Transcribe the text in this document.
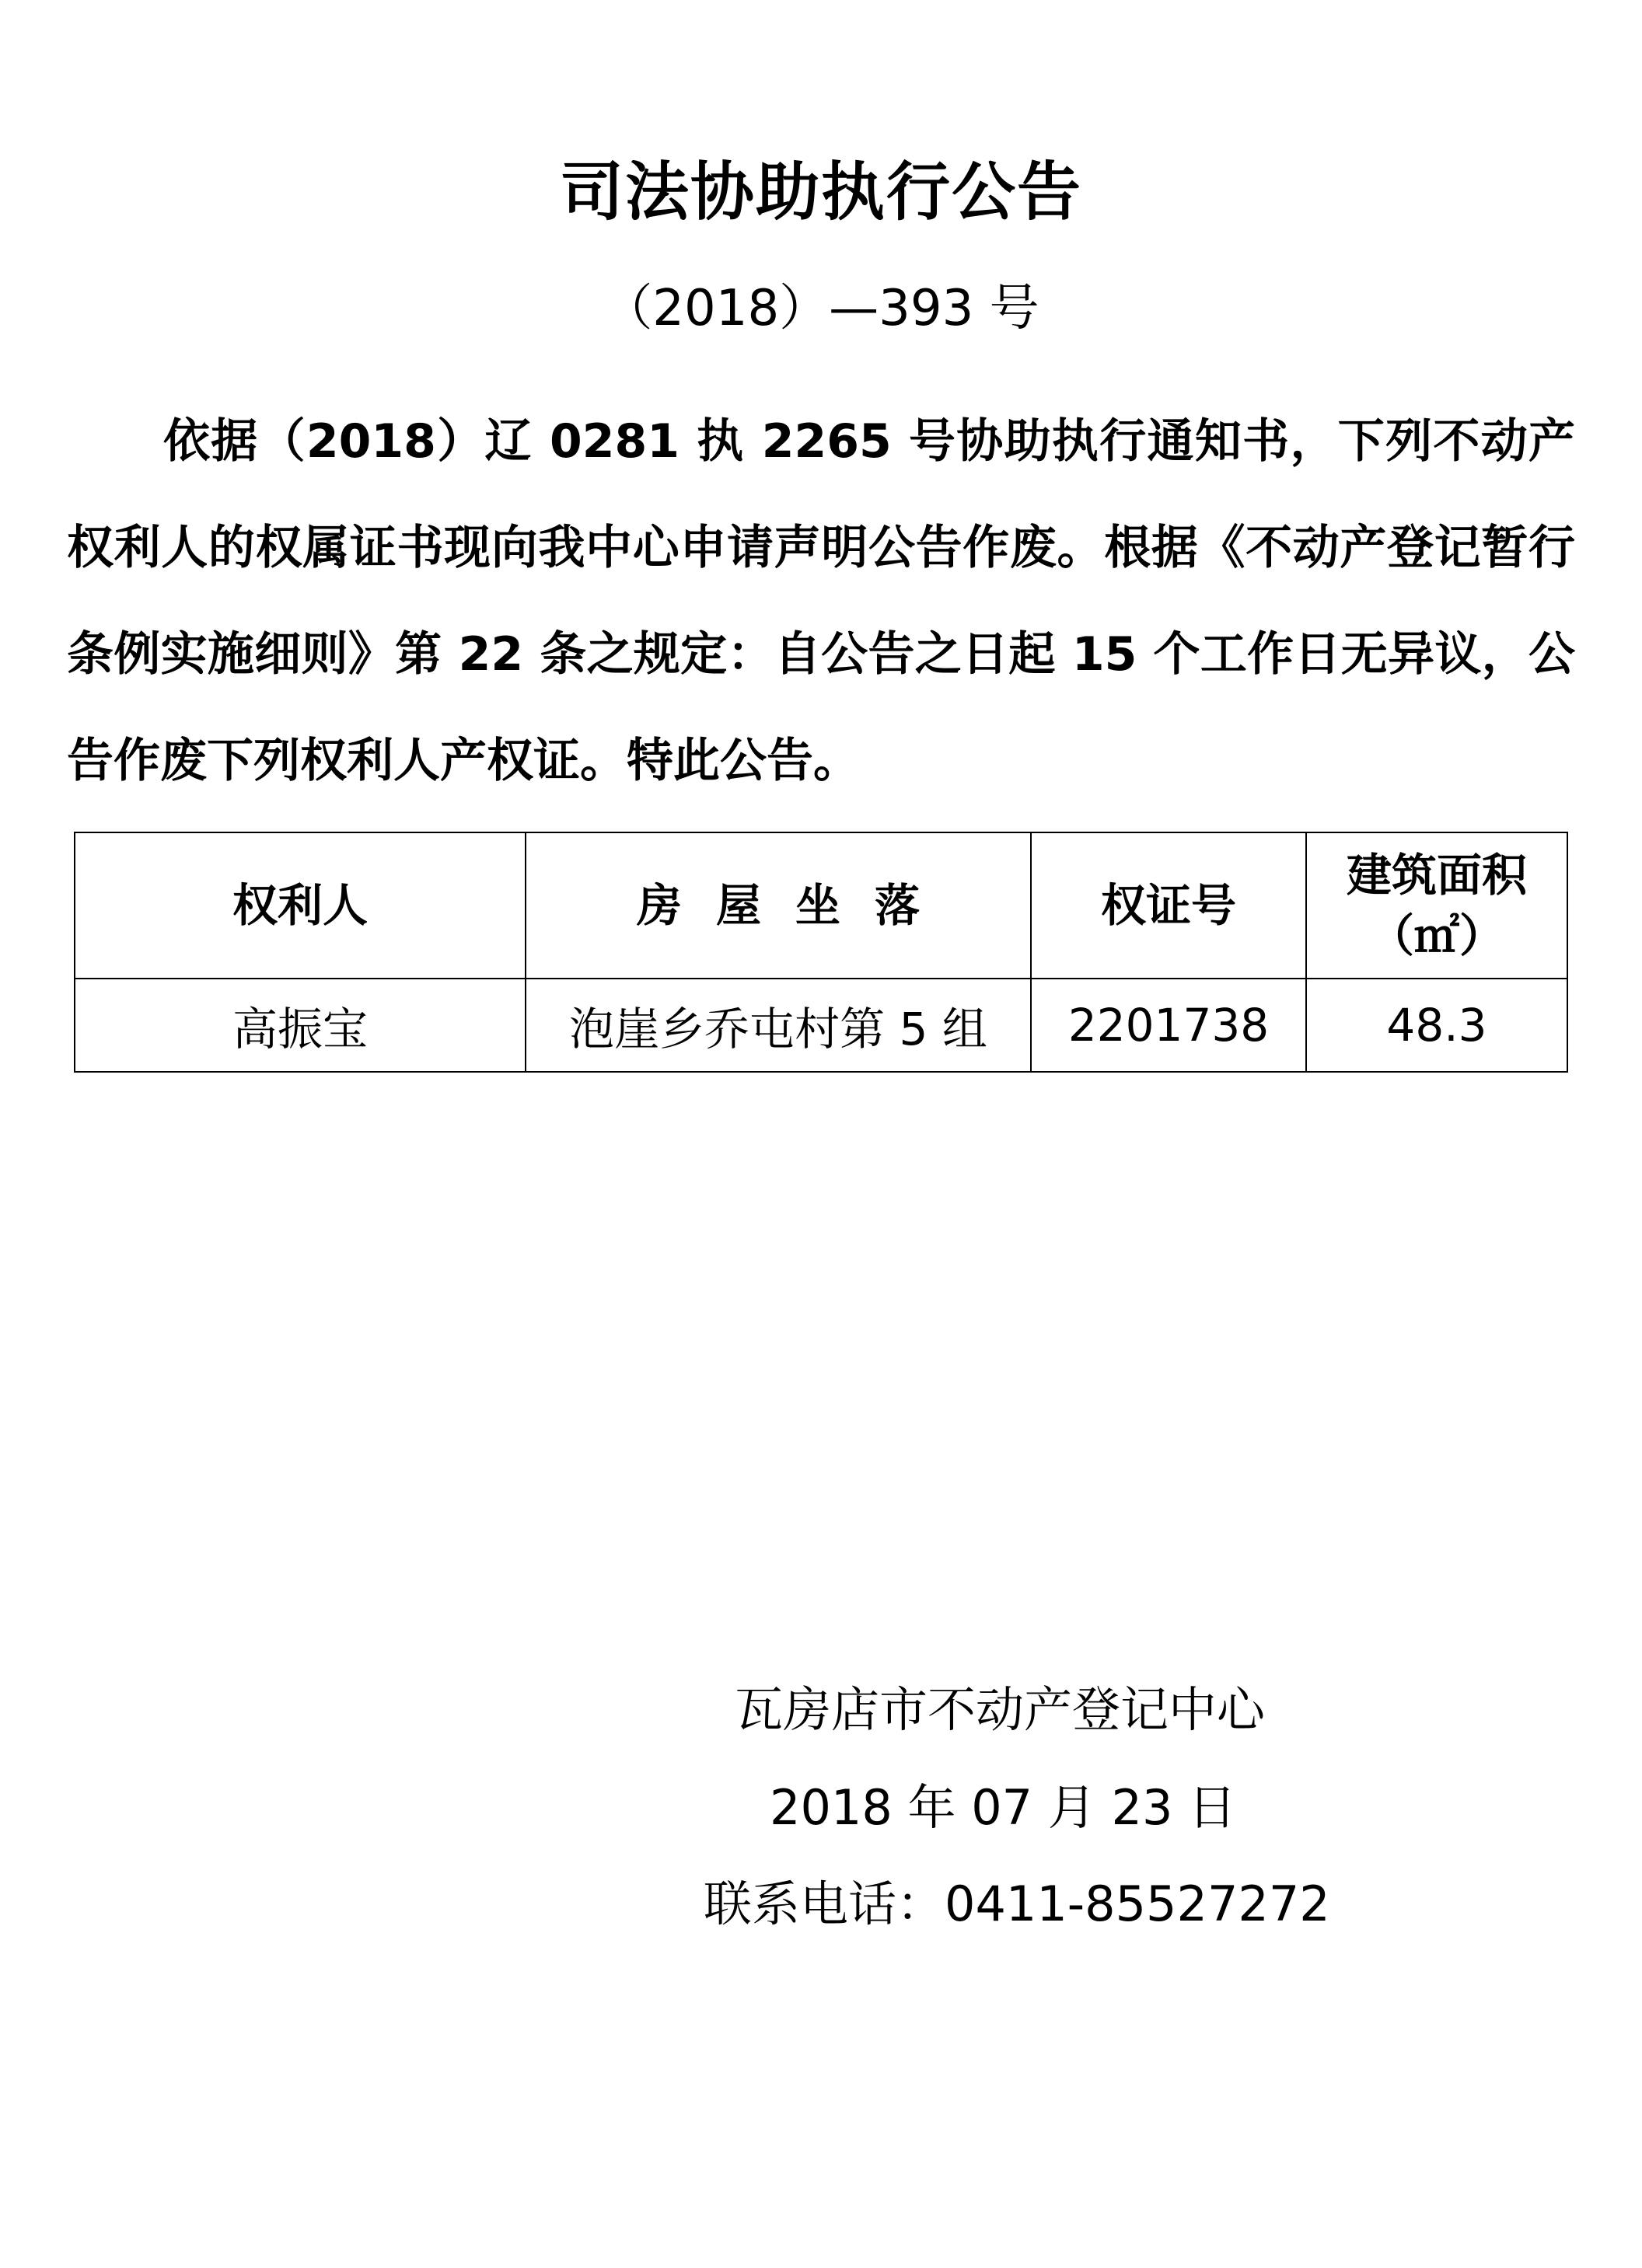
司法协助执行公告
（2018）—393 号

依据（2018）辽 0281 执 2265 号协助执行通知书，下列不动产权利人的权属证书现向我中心申请声明公告作废。根据《不动产登记暂行条例实施细则》第 22 条之规定：自公告之日起 15 个工作日无异议，公告作废下列权利人产权证。特此公告。

权利人	房屋坐落	权证号	建筑面积
（㎡）

高振宝	泡崖乡乔屯村第 5 组	2201738	48.3
瓦房店市不动产登记中心
2018 年 07 月 23 日
联系电话：0411-85527272
